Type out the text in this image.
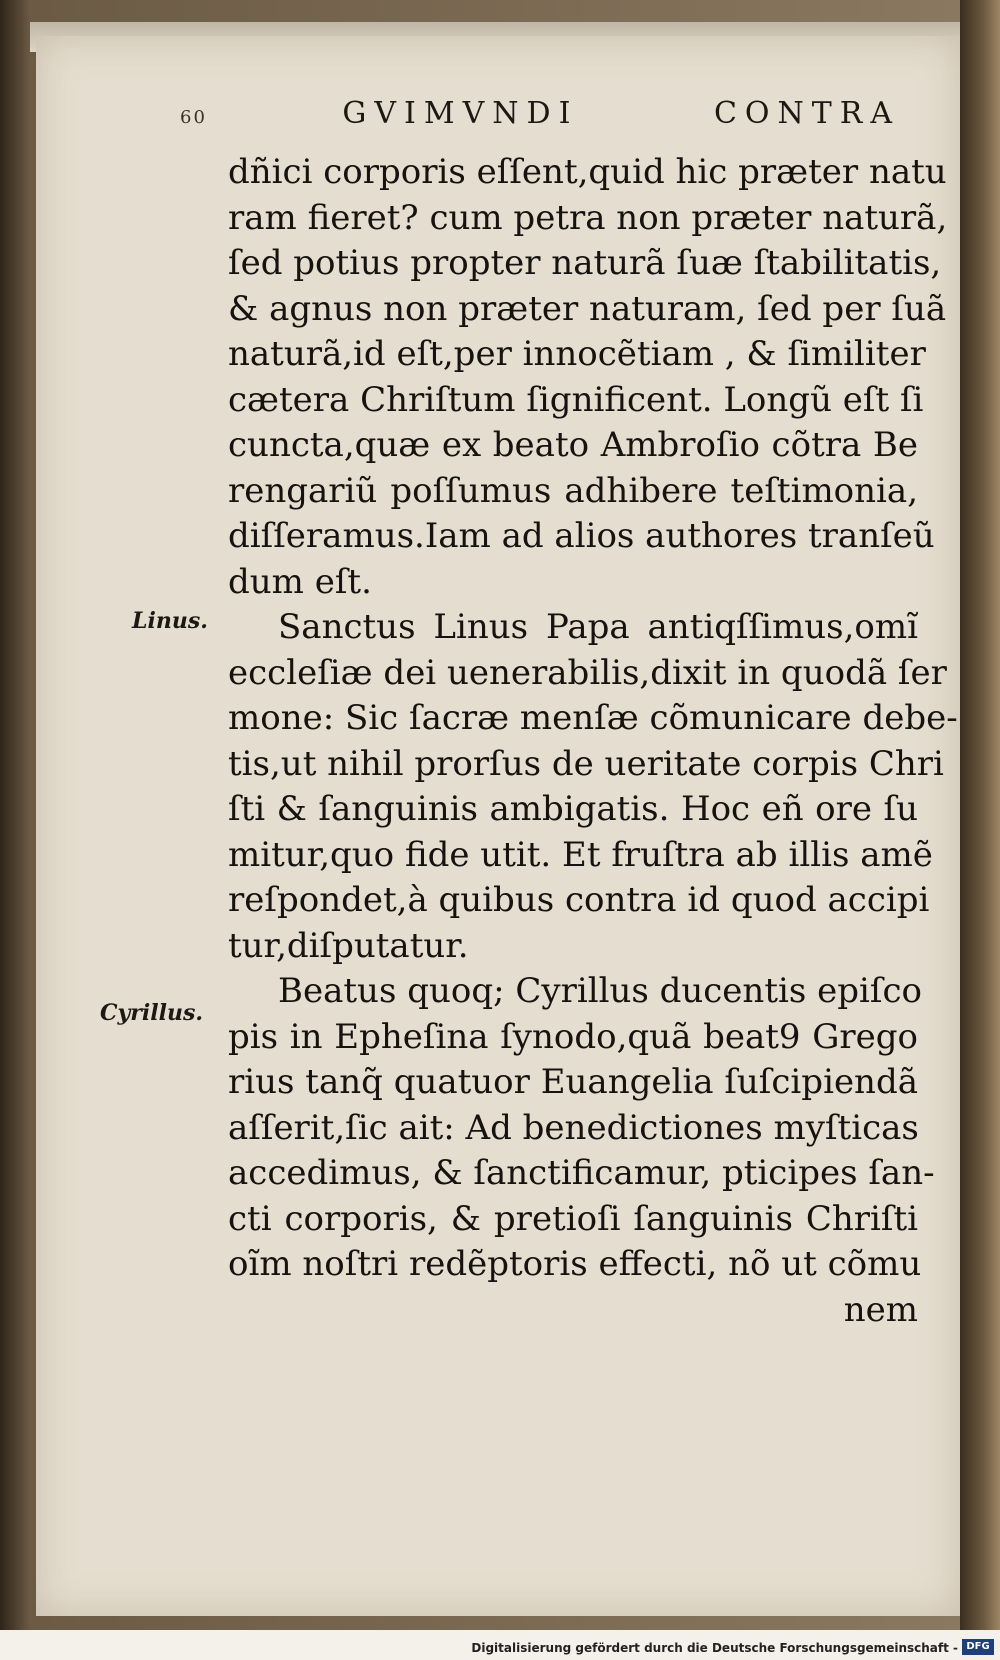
60	GVIMVNDI	CONTRA
Linus.
Cyrillus.
dñici corporis eſſent,quid hic præter natu
ram fieret? cum petra non præter naturã,
ſed potius propter naturã ſuæ ſtabilitatis,
& agnus non præter naturam, ſed per ſuã
naturã,id eſt,per innocẽtiam , & ſimiliter
cætera Chriſtum ſignificent. Longũ eſt ſi
cuncta,quæ ex beato Ambroſio cõtra Be
rengariũ poſſumus adhibere teſtimonia,
diſſeramus.Iam ad alios authores tranſeũ
dum eſt.
Sanctus Linus Papa antiqſſimus,omĩ
eccleſiæ dei uenerabilis,dixit in quodã ſer
mone: Sic ſacræ menſæ cõmunicare debe-
tis,ut nihil prorſus de ueritate corpis Chri
ſti & ſanguinis ambigatis. Hoc eñ ore ſu
mitur,quo fide utit. Et fruſtra ab illis amẽ
reſpondet,à quibus contra id quod accipi
tur,diſputatur.
Beatus quoq; Cyrillus ducentis epiſco
pis in Epheſina ſynodo,quã beat9 Grego
rius tanq̃ quatuor Euangelia ſuſcipiendã
aſſerit,ſic ait: Ad benedictiones myſticas
accedimus, & ſanctificamur, pticipes ſan-
cti corporis, & pretioſi ſanguinis Chriſti
oĩm noſtri redẽptoris effecti, nõ ut cõmu
nem
Digitalisierung gefördert durch die Deutsche Forschungsgemeinschaft - DFG
